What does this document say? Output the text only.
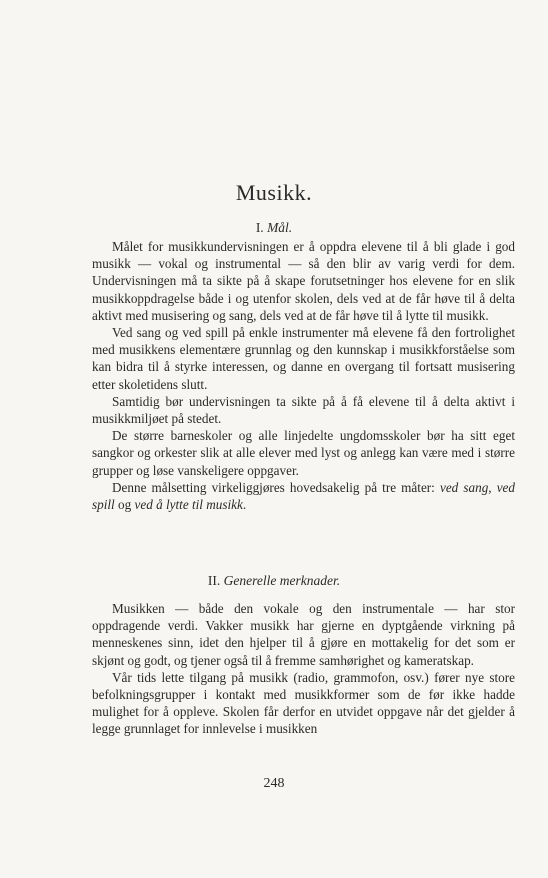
Musikk.
I. Mål.

Målet for musikkundervisningen er å oppdra elevene til å bli glade i god musikk — vokal og instrumental — så den blir av varig verdi for dem. Undervisningen må ta sikte på å skape forutsetninger hos elevene for en slik musikkoppdragelse både i og utenfor skolen, dels ved at de får høve til å delta aktivt med musisering og sang, dels ved at de får høve til å lytte til musikk.

Ved sang og ved spill på enkle instrumenter må elevene få den fortrolighet med musikkens elementære grunnlag og den kunnskap i musikkforståelse som kan bidra til å styrke interessen, og danne en overgang til fortsatt musisering etter skoletidens slutt.

Samtidig bør undervisningen ta sikte på å få elevene til å delta aktivt i musikkmiljøet på stedet.

De større barneskoler og alle linjedelte ungdomsskoler bør ha sitt eget sangkor og orkester slik at alle elever med lyst og anlegg kan være med i større grupper og løse vanskeligere oppgaver.

Denne målsetting virkeliggjøres hovedsakelig på tre måter: ved sang, ved spill og ved å lytte til musikk.

II. Generelle merknader.

Musikken — både den vokale og den instrumentale — har stor oppdragende verdi. Vakker musikk har gjerne en dyptgående virkning på menneskenes sinn, idet den hjelper til å gjøre en mottakelig for det som er skjønt og godt, og tjener også til å fremme samhørighet og kameratskap.

Vår tids lette tilgang på musikk (radio, grammofon, osv.) fører nye store befolkningsgrupper i kontakt med musikkformer som de før ikke hadde mulighet for å oppleve. Skolen får derfor en utvidet oppgave når det gjelder å legge grunnlaget for innlevelse i musikken

248
